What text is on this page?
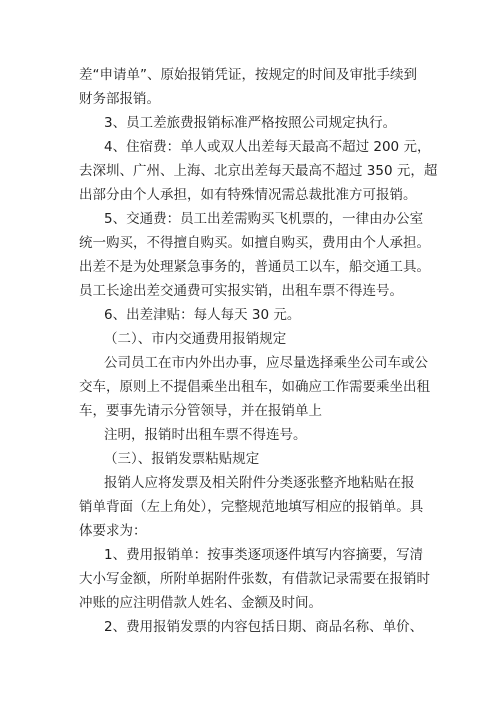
差“申请单”、原始报销凭证，按规定的时间及审批手续到
财务部报销。
3、员工差旅费报销标准严格按照公司规定执行。
4、住宿费：单人或双人出差每天最高不超过 200 元，
去深圳、广州、上海、北京出差每天最高不超过 350 元，超
出部分由个人承担，如有特殊情况需总裁批准方可报销。
5、交通费：员工出差需购买飞机票的，一律由办公室
统一购买，不得擅自购买。如擅自购买，费用由个人承担。
出差不是为处理紧急事务的，普通员工以车，船交通工具。
员工长途出差交通费可实报实销，出租车票不得连号。
6、出差津贴：每人每天 30 元。
（二）、市内交通费用报销规定
公司员工在市内外出办事，应尽量选择乘坐公司车或公
交车，原则上不提倡乘坐出租车，如确应工作需要乘坐出租
车，要事先请示分管领导，并在报销单上
注明，报销时出租车票不得连号。
（三）、报销发票粘贴规定
报销人应将发票及相关附件分类逐张整齐地粘贴在报
销单背面（左上角处），完整规范地填写相应的报销单。具
体要求为：
1、费用报销单：按事类逐项逐件填写内容摘要，写清
大小写金额，所附单据附件张数，有借款记录需要在报销时
冲账的应注明借款人姓名、金额及时间。
2、费用报销发票的内容包括日期、商品名称、单价、
